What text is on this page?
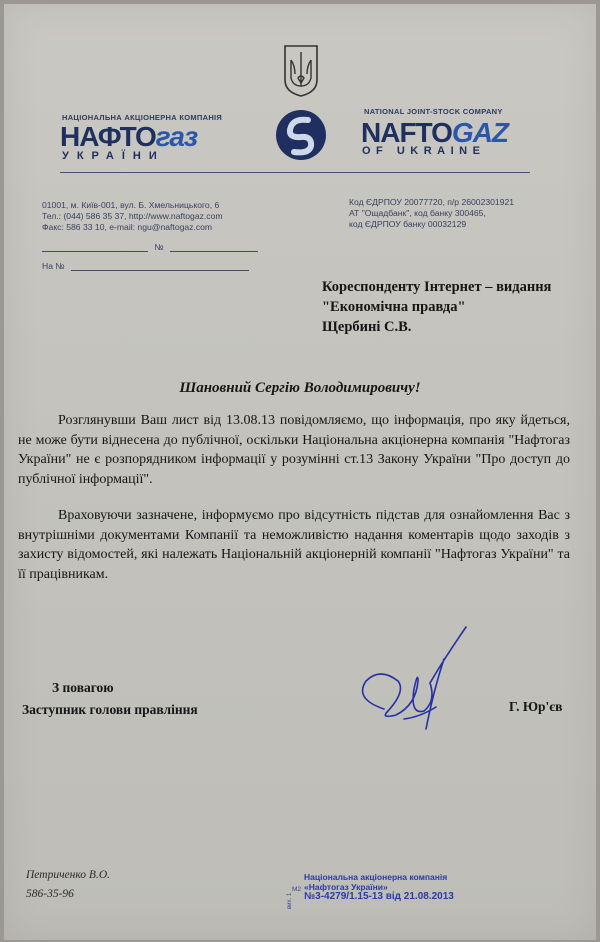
НАЦІОНАЛЬНА АКЦІОНЕРНА КОМПАНІЯ
НАФТОгаз
УКРАЇНИ
NATIONAL JOINT-STOCK COMPANY
NAFTOGAZ
OF UKRAINE
01001, м. Київ-001, вул. Б. Хмельницького, 6
Тел.: (044) 586 35 37, http://www.naftogaz.com
Факс: 586 33 10, e-mail: ngu@naftogaz.com
Код ЄДРПОУ 20077720, п/р 26002301921
АТ "Ощадбанк", код банку 300465,
код ЄДРПОУ банку 00032129
№
На №
Кореспонденту Інтернет – видання
"Економічна правда"
Щербині С.В.
Шановний Сергію Володимировичу!

Розглянувши Ваш лист від 13.08.13 повідомляємо, що інформація, про яку йдеться, не може бути віднесена до публічної, оскільки Національна акціонерна компанія "Нафтогаз України" не є розпорядником інформації у розумінні ст.13 Закону України "Про доступ до публічної інформації".

Враховуючи зазначене, інформуємо про відсутність підстав для ознайомлення Вас з внутрішніми документами Компанії та неможливістю надання коментарів щодо заходів з захисту відомостей, які належать Національній акціонерній компанії "Нафтогаз України" та її працівникам.

З повагою
Заступник голови правління	Г. Юр'єв
Петриченко В.О.
586-35-96	вих. 1
М2
Національна акціонерна компанія
«Нафтогаз України»
№3-4279/1.15-13 від 21.08.2013
